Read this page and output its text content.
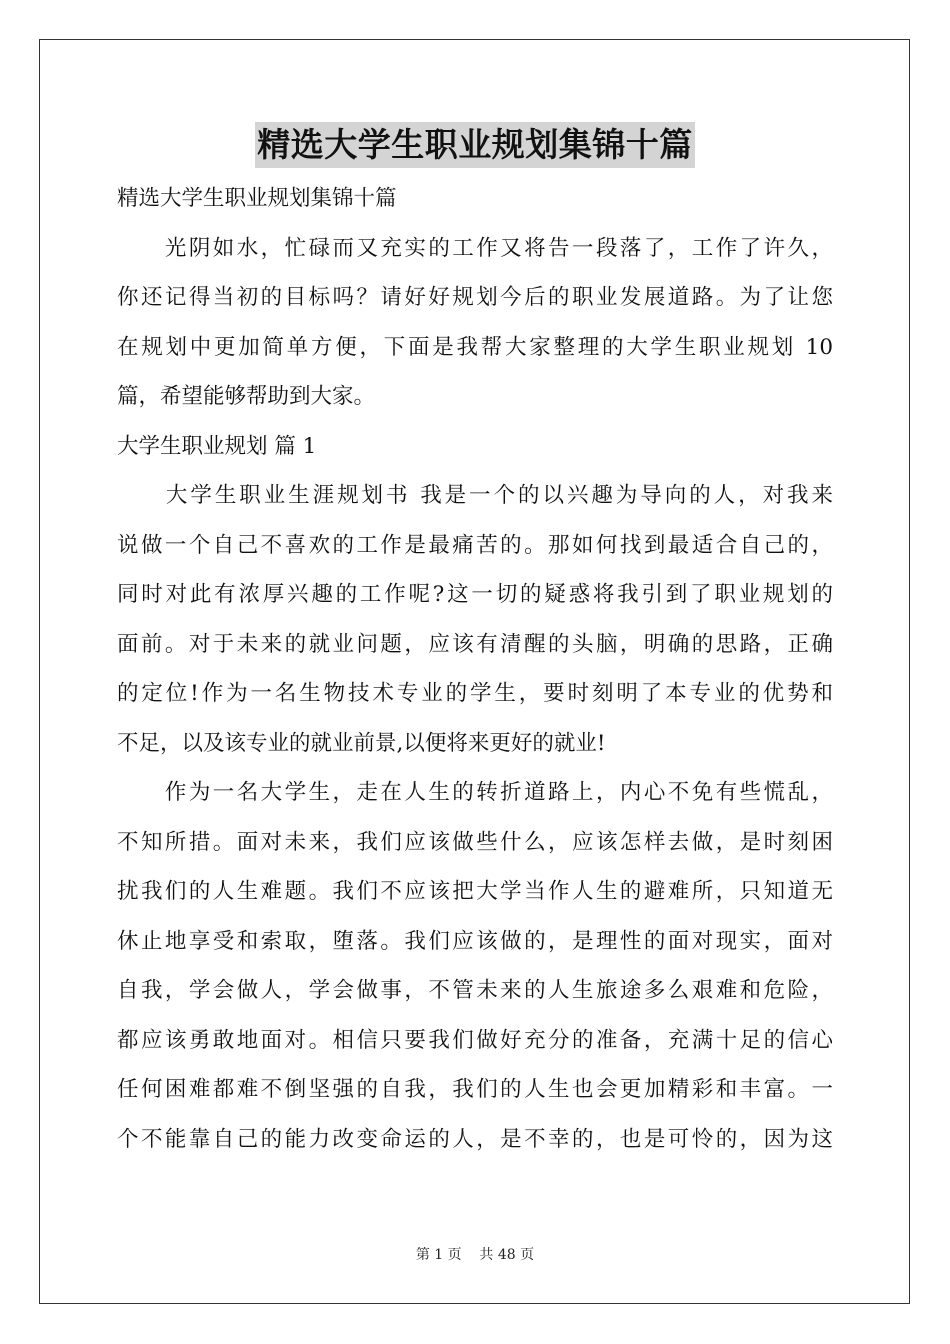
精选大学生职业规划集锦十篇
精选大学生职业规划集锦十篇
　　光阴如水，忙碌而又充实的工作又将告一段落了，工作了许久，
你还记得当初的目标吗？请好好规划今后的职业发展道路。为了让您
在规划中更加简单方便，下面是我帮大家整理的大学生职业规划 10
篇，希望能够帮助到大家。
大学生职业规划 篇 1
　　大学生职业生涯规划书 我是一个的以兴趣为导向的人，对我来
说做一个自己不喜欢的工作是最痛苦的。那如何找到最适合自己的，
同时对此有浓厚兴趣的工作呢?这一切的疑惑将我引到了职业规划的
面前。对于未来的就业问题，应该有清醒的头脑，明确的思路，正确
的定位!作为一名生物技术专业的学生，要时刻明了本专业的优势和
不足，以及该专业的就业前景,以便将来更好的就业!
　　作为一名大学生，走在人生的转折道路上，内心不免有些慌乱，
不知所措。面对未来，我们应该做些什么，应该怎样去做，是时刻困
扰我们的人生难题。我们不应该把大学当作人生的避难所，只知道无
休止地享受和索取，堕落。我们应该做的，是理性的面对现实，面对
自我，学会做人，学会做事，不管未来的人生旅途多么艰难和危险，
都应该勇敢地面对。相信只要我们做好充分的准备，充满十足的信心
任何困难都难不倒坚强的自我，我们的人生也会更加精彩和丰富。一
个不能靠自己的能力改变命运的人，是不幸的，也是可怜的，因为这
第 1 页    共 48 页
